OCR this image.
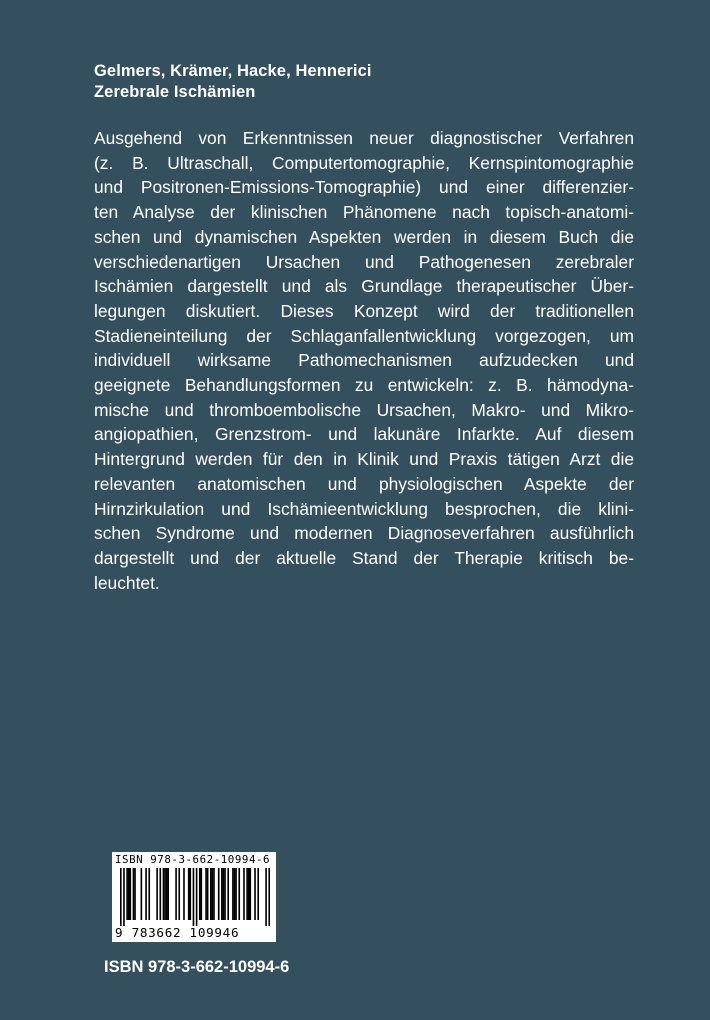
Gelmers, Krämer, Hacke, Hennerici
Zerebrale Ischämien
Ausgehend von Erkenntnissen neuer diagnostischer Verfahren
(z. B. Ultraschall, Computertomographie, Kernspintomographie
und Positronen-Emissions-Tomographie) und einer differenzier-
ten Analyse der klinischen Phänomene nach topisch-anatomi-
schen und dynamischen Aspekten werden in diesem Buch die
verschiedenartigen Ursachen und Pathogenesen zerebraler
Ischämien dargestellt und als Grundlage therapeutischer Über-
legungen diskutiert. Dieses Konzept wird der traditionellen
Stadieneinteilung der Schlaganfallentwicklung vorgezogen, um
individuell wirksame Pathomechanismen aufzudecken und
geeignete Behandlungsformen zu entwickeln: z. B. hämodyna-
mische und thromboembolische Ursachen, Makro- und Mikro-
angiopathien, Grenzstrom- und lakunäre Infarkte. Auf diesem
Hintergrund werden für den in Klinik und Praxis tätigen Arzt die
relevanten anatomischen und physiologischen Aspekte der
Hirnzirkulation und Ischämieentwicklung besprochen, die klini-
schen Syndrome und modernen Diagnoseverfahren ausführlich
dargestellt und der aktuelle Stand der Therapie kritisch be-
leuchtet.
ISBN 978-3-662-10994-6
9 783662 109946
ISBN 978-3-662-10994-6
